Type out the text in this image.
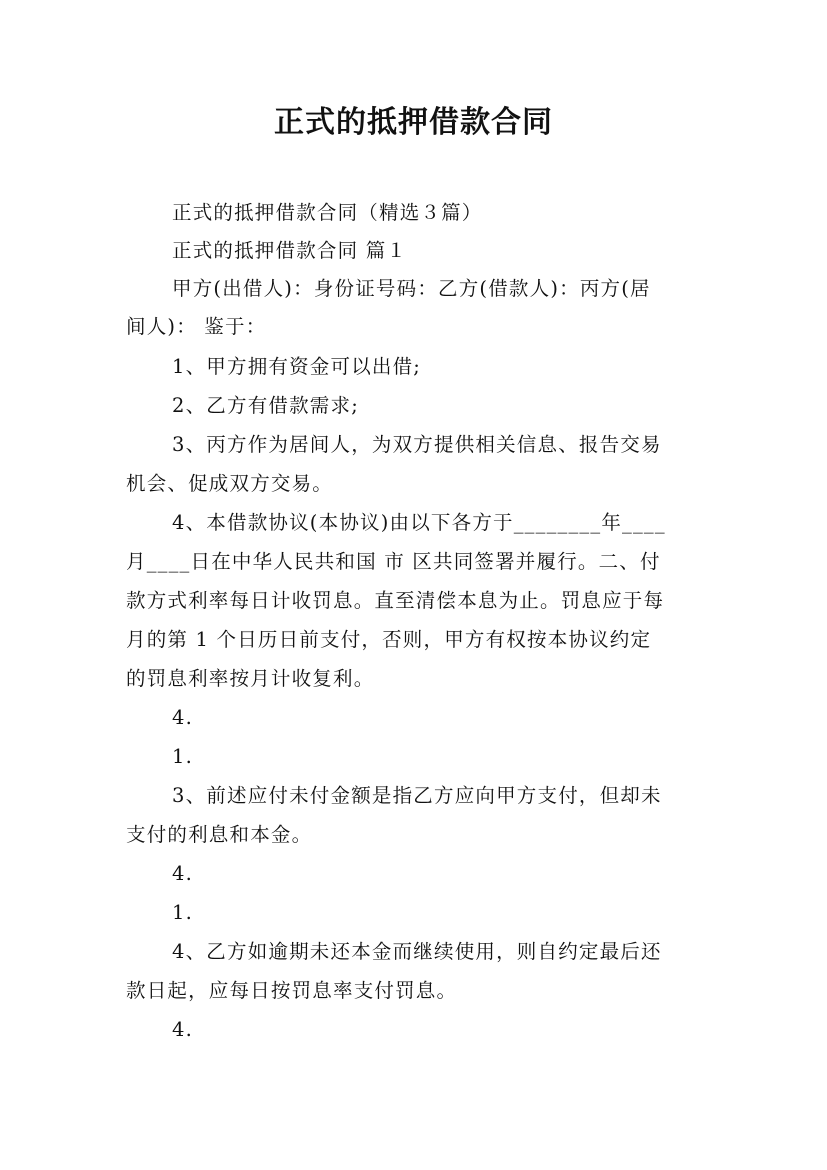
正式的抵押借款合同
正式的抵押借款合同（精选３篇）
正式的抵押借款合同 篇１
甲方(出借人)：身份证号码：乙方(借款人)：丙方(居
间人)： 鉴于：
1、甲方拥有资金可以出借;
2、乙方有借款需求;
3、丙方作为居间人，为双方提供相关信息、报告交易
机会、促成双方交易。
4、本借款协议(本协议)由以下各方于________年____
月____日在中华人民共和国 市 区共同签署并履行。二、付
款方式利率每日计收罚息。直至清偿本息为止。罚息应于每
月的第 1 个日历日前支付，否则，甲方有权按本协议约定
的罚息利率按月计收复利。
4.
1.
3、前述应付未付金额是指乙方应向甲方支付，但却未
支付的利息和本金。
4.
1.
4、乙方如逾期未还本金而继续使用，则自约定最后还
款日起，应每日按罚息率支付罚息。
4.
